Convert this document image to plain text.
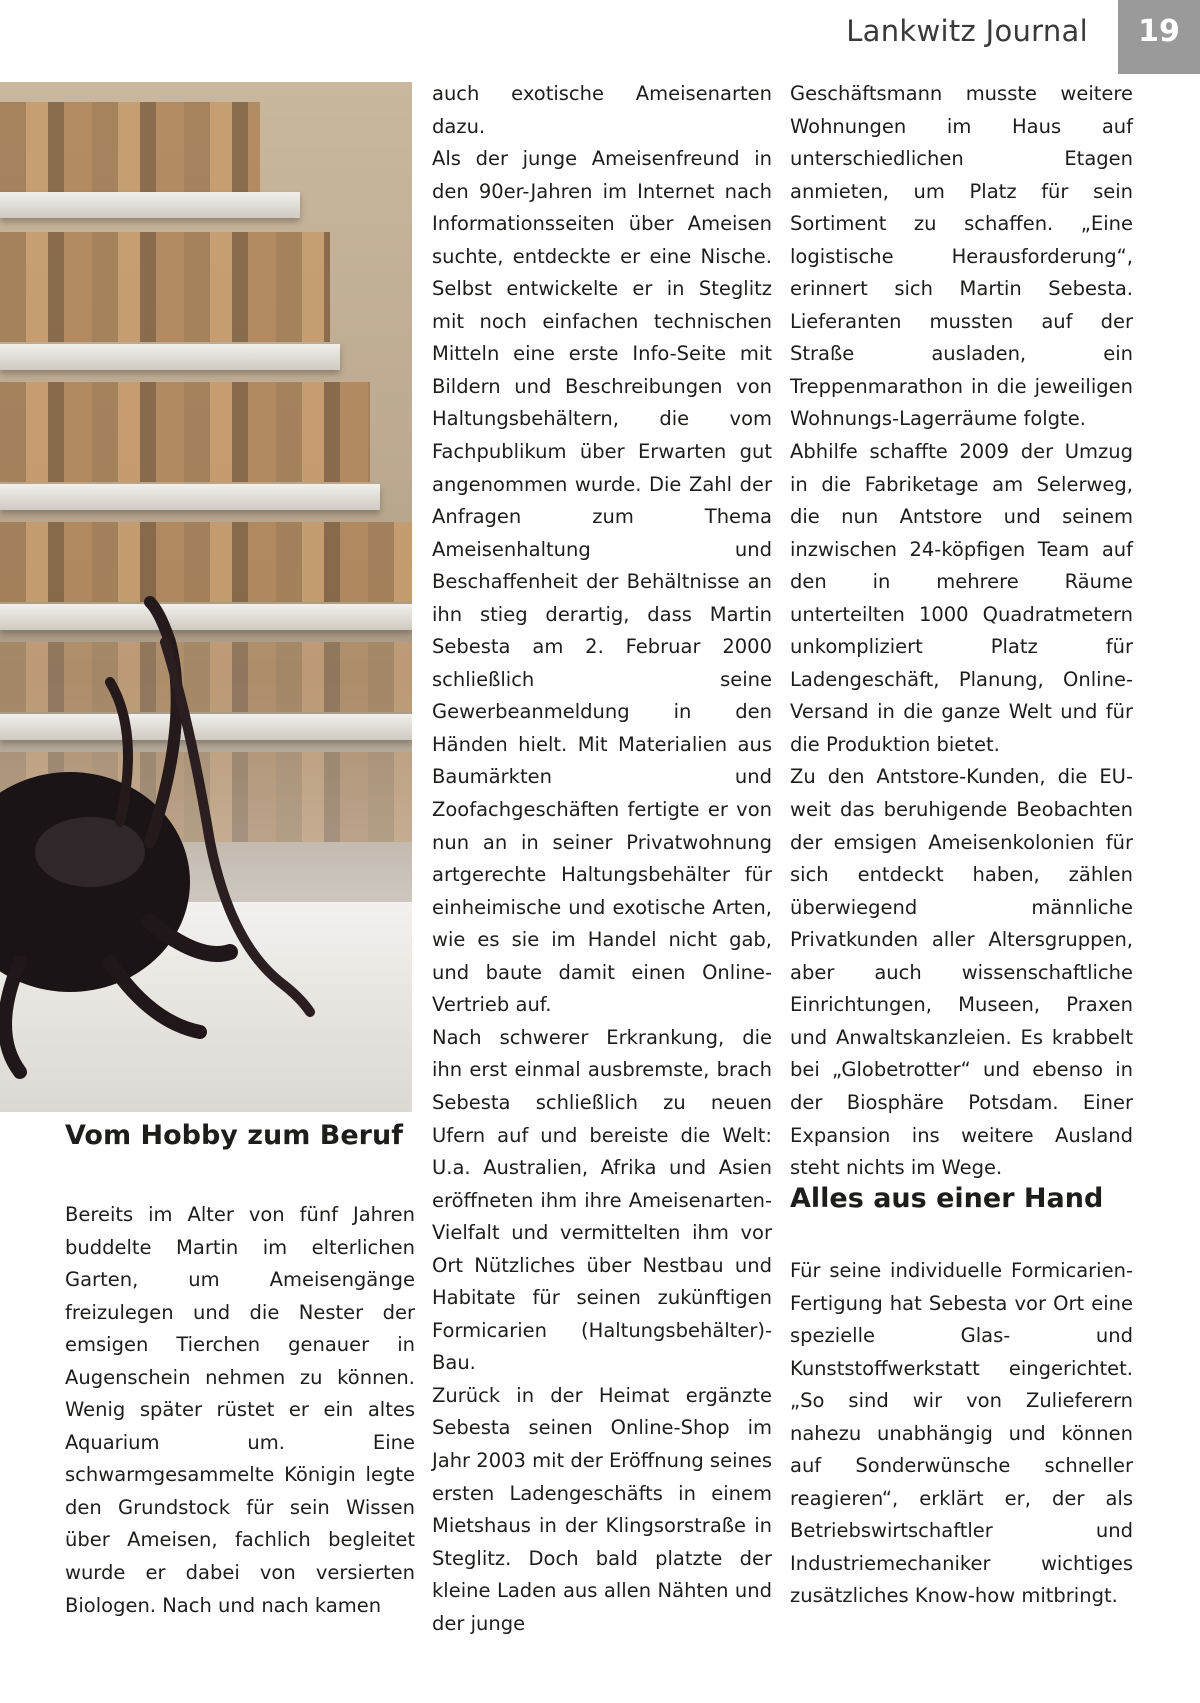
Lankwitz Journal	19
Vom Hobby zum Beruf

Bereits im Alter von fünf Jahren buddelte Martin im elterlichen Garten, um Ameisengänge freizulegen und die Nester der emsigen Tierchen genauer in Augenschein nehmen zu können. Wenig später rüstet er ein altes Aquarium um. Eine schwarmgesammelte Königin legte den Grundstock für sein Wissen über Ameisen, fachlich begleitet wurde er dabei von versierten Biologen. Nach und nach kamen

auch exotische Ameisenarten dazu.

Als der junge Ameisenfreund in den 90er-Jahren im Internet nach Informationsseiten über Ameisen suchte, entdeckte er eine Nische. Selbst entwickelte er in Steglitz mit noch einfachen technischen Mitteln eine erste Info-Seite mit Bildern und Beschreibungen von Haltungsbehältern, die vom Fachpublikum über Erwarten gut angenommen wurde. Die Zahl der Anfragen zum Thema Ameisenhaltung und Beschaffenheit der Behältnisse an ihn stieg derartig, dass Martin Sebesta am 2. Februar 2000 schließlich seine Gewerbeanmeldung in den Händen hielt. Mit Materialien aus Baumärkten und Zoofachgeschäften fertigte er von nun an in seiner Privatwohnung artgerechte Haltungsbehälter für einheimische und exotische Arten, wie es sie im Handel nicht gab, und baute damit einen Online-Vertrieb auf.

Nach schwerer Erkrankung, die ihn erst einmal ausbremste, brach Sebesta schließlich zu neuen Ufern auf und bereiste die Welt: U.a. Australien, Afrika und Asien eröffneten ihm ihre Ameisenarten-Vielfalt und vermittelten ihm vor Ort Nützliches über Nestbau und Habitate für seinen zukünftigen Formicarien (Haltungsbehälter)-Bau.

Zurück in der Heimat ergänzte Sebesta seinen Online-Shop im Jahr 2003 mit der Eröffnung seines ersten Ladengeschäfts in einem Mietshaus in der Klingsorstraße in Steglitz. Doch bald platzte der kleine Laden aus allen Nähten und der junge

Geschäftsmann musste weitere Wohnungen im Haus auf unterschiedlichen Etagen anmieten, um Platz für sein Sortiment zu schaffen. „Eine logistische Herausforderung“, erinnert sich Martin Sebesta. Lieferanten mussten auf der Straße ausladen, ein Treppenmarathon in die jeweiligen Wohnungs-Lagerräume folgte.

Abhilfe schaffte 2009 der Umzug in die Fabriketage am Selerweg, die nun Antstore und seinem inzwischen 24-köpfigen Team auf den in mehrere Räume unterteilten 1000 Quadratmetern unkompliziert Platz für Ladengeschäft, Planung, Online-Versand in die ganze Welt und für die Produktion bietet.

Zu den Antstore-Kunden, die EU-weit das beruhigende Beobachten der emsigen Ameisenkolonien für sich entdeckt haben, zählen überwiegend männliche Privatkunden aller Altersgruppen, aber auch wissenschaftliche Einrichtungen, Museen, Praxen und Anwaltskanzleien. Es krabbelt bei „Globetrotter“ und ebenso in der Biosphäre Potsdam. Einer Expansion ins weitere Ausland steht nichts im Wege.

Alles aus einer Hand

Für seine individuelle Formicarien-Fertigung hat Sebesta vor Ort eine spezielle Glas- und Kunststoffwerkstatt eingerichtet. „So sind wir von Zulieferern nahezu unabhängig und können auf Sonderwünsche schneller reagieren“, erklärt er, der als Betriebswirtschaftler und Industriemechaniker wichtiges zusätzliches Know-how mitbringt.
